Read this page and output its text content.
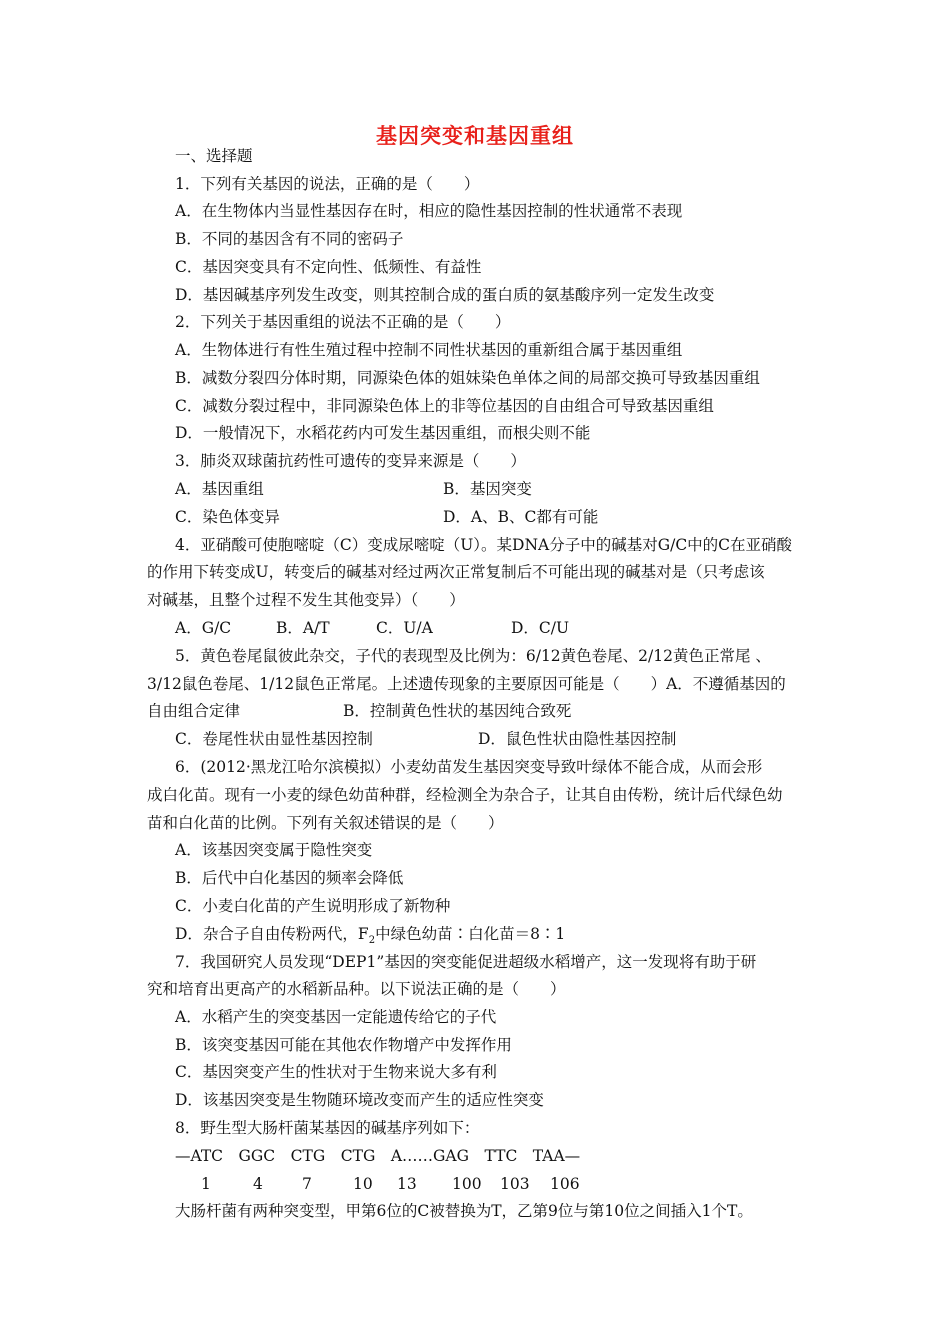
基因突变和基因重组
一、选择题
1．下列有关基因的说法，正确的是（　　）
A．在生物体内当显性基因存在时，相应的隐性基因控制的性状通常不表现
B．不同的基因含有不同的密码子
C．基因突变具有不定向性、低频性、有益性
D．基因碱基序列发生改变，则其控制合成的蛋白质的氨基酸序列一定发生改变
2．下列关于基因重组的说法不正确的是（　　）
A．生物体进行有性生殖过程中控制不同性状基因的重新组合属于基因重组
B．减数分裂四分体时期，同源染色体的姐妹染色单体之间的局部交换可导致基因重组
C．减数分裂过程中，非同源染色体上的非等位基因的自由组合可导致基因重组
D．一般情况下，水稻花药内可发生基因重组，而根尖则不能
3．肺炎双球菌抗药性可遗传的变异来源是（　　）
A．基因重组	B．基因突变
C．染色体变异	D．A、B、C都有可能
4．亚硝酸可使胞嘧啶（C）变成尿嘧啶（U）。某DNA分子中的碱基对G/C中的C在亚硝酸
的作用下转变成U，转变后的碱基对经过两次正常复制后不可能出现的碱基对是（只考虑该
对碱基，且整个过程不发生其他变异）（　　）
A．G/C	B．A/T	C．U/A	D．C/U
5．黄色卷尾鼠彼此杂交，子代的表现型及比例为：6/12黄色卷尾、2/12黄色正常尾 、
3/12鼠色卷尾、1/12鼠色正常尾。上述遗传现象的主要原因可能是（　　）A．不遵循基因的
自由组合定律	B．控制黄色性状的基因纯合致死
C．卷尾性状由显性基因控制	D．鼠色性状由隐性基因控制
6．(2012·黑龙江哈尔滨模拟）小麦幼苗发生基因突变导致叶绿体不能合成，从而会形
成白化苗。现有一小麦的绿色幼苗种群，经检测全为杂合子，让其自由传粉，统计后代绿色幼
苗和白化苗的比例。下列有关叙述错误的是（　　）
A．该基因突变属于隐性突变
B．后代中白化基因的频率会降低
C．小麦白化苗的产生说明形成了新物种
D．杂合子自由传粉两代，$F_2$中绿色幼苗∶白化苗＝8∶1
7．我国研究人员发现“DEP1”基因的突变能促进超级水稻增产，这一发现将有助于研
究和培育出更高产的水稻新品种。以下说法正确的是（　　）
A．水稻产生的突变基因一定能遗传给它的子代
B．该突变基因可能在其他农作物增产中发挥作用
C．基因突变产生的性状对于生物来说大多有利
D．该基因突变是生物随环境改变而产生的适应性突变
8．野生型大肠杆菌某基因的碱基序列如下：
—ATC　GGC　CTG　CTG　A……GAG　TTC　TAA—
1	4	7	10 13 100 103 106
大肠杆菌有两种突变型，甲第6位的C被替换为T，乙第9位与第10位之间插入1个T。
